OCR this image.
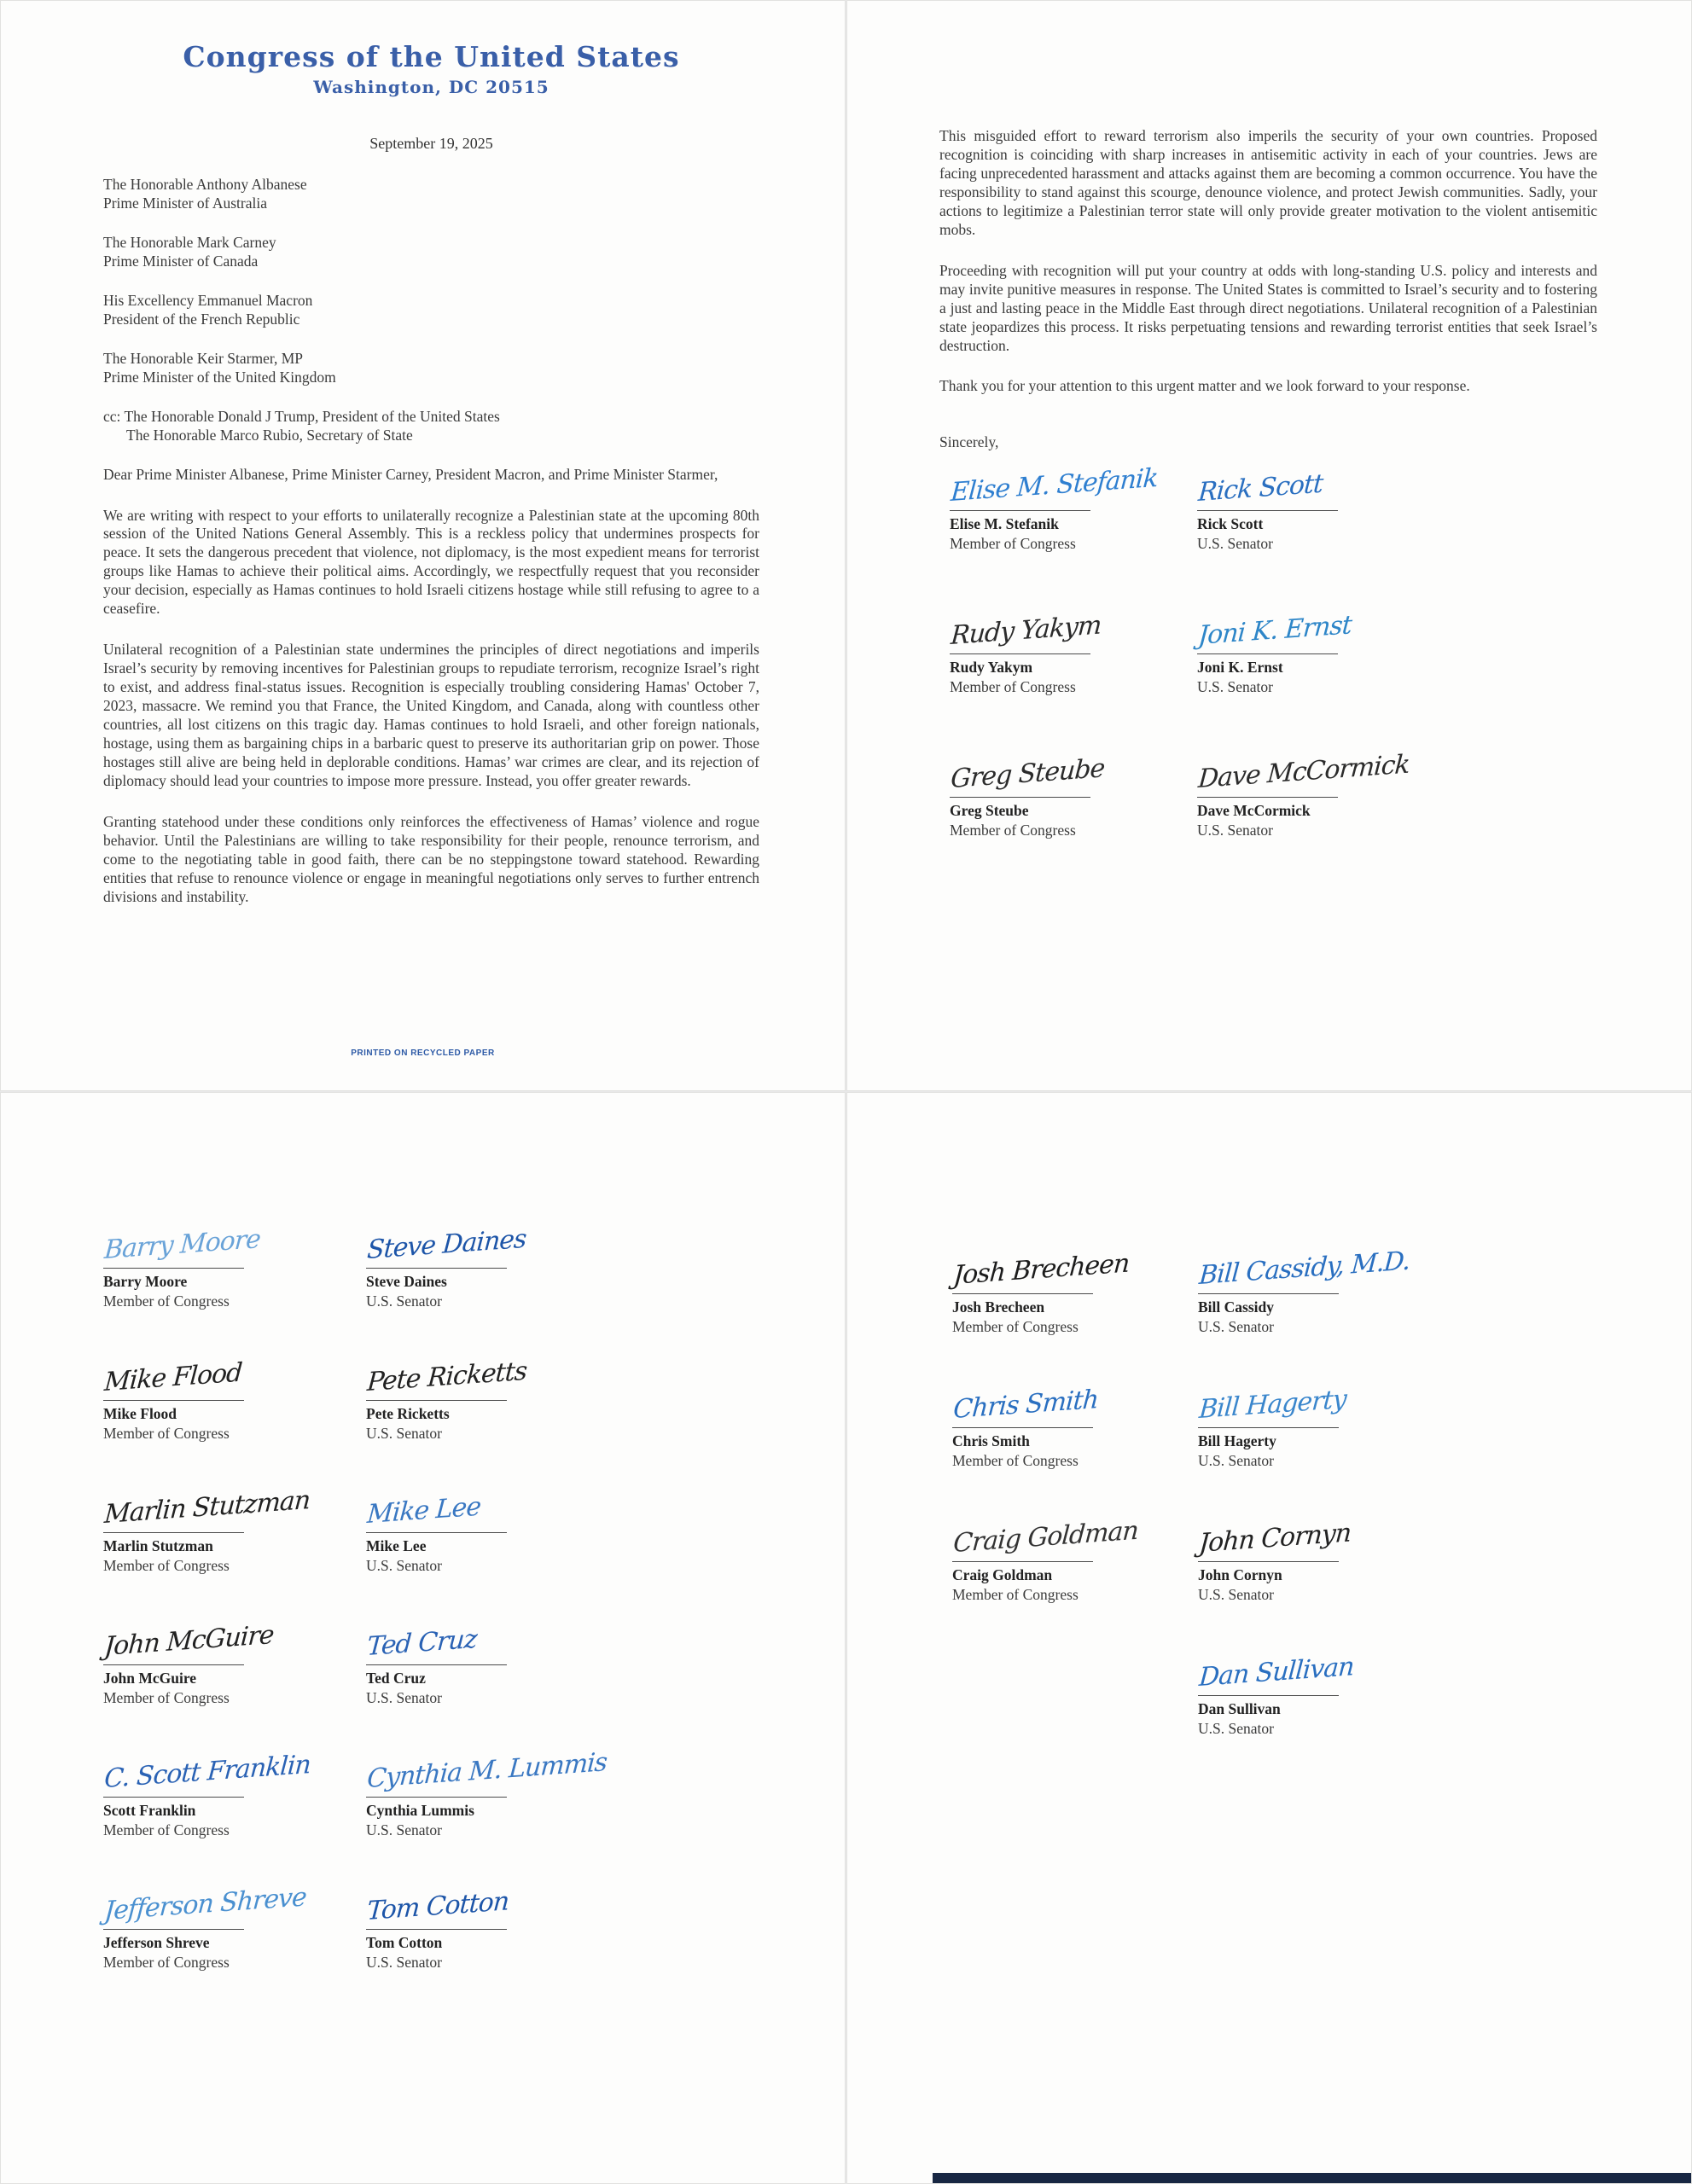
Congress of the United States
Washington, DC 20515
September 19, 2025
The Honorable Anthony Albanese
Prime Minister of Australia
The Honorable Mark Carney
Prime Minister of Canada
His Excellency Emmanuel Macron
President of the French Republic
The Honorable Keir Starmer, MP
Prime Minister of the United Kingdom
cc: The Honorable Donald J Trump, President of the United States
The Honorable Marco Rubio, Secretary of State

Dear Prime Minister Albanese, Prime Minister Carney, President Macron, and Prime Minister Starmer,

We are writing with respect to your efforts to unilaterally recognize a Palestinian state at the upcoming 80th session of the United Nations General Assembly. This is a reckless policy that undermines prospects for peace. It sets the dangerous precedent that violence, not diplomacy, is the most expedient means for terrorist groups like Hamas to achieve their political aims. Accordingly, we respectfully request that you reconsider your decision, especially as Hamas continues to hold Israeli citizens hostage while still refusing to agree to a ceasefire.

Unilateral recognition of a Palestinian state undermines the principles of direct negotiations and imperils Israel’s security by removing incentives for Palestinian groups to repudiate terrorism, recognize Israel’s right to exist, and address final-status issues. Recognition is especially troubling considering Hamas' October 7, 2023, massacre. We remind you that France, the United Kingdom, and Canada, along with countless other countries, all lost citizens on this tragic day. Hamas continues to hold Israeli, and other foreign nationals, hostage, using them as bargaining chips in a barbaric quest to preserve its authoritarian grip on power. Those hostages still alive are being held in deplorable conditions. Hamas’ war crimes are clear, and its rejection of diplomacy should lead your countries to impose more pressure. Instead, you offer greater rewards.

Granting statehood under these conditions only reinforces the effectiveness of Hamas’ violence and rogue behavior. Until the Palestinians are willing to take responsibility for their people, renounce terrorism, and come to the negotiating table in good faith, there can be no steppingstone toward statehood. Rewarding entities that refuse to renounce violence or engage in meaningful negotiations only serves to further entrench divisions and instability.

PRINTED ON RECYCLED PAPER

This misguided effort to reward terrorism also imperils the security of your own countries. Proposed recognition is coinciding with sharp increases in antisemitic activity in each of your countries. Jews are facing unprecedented harassment and attacks against them are becoming a common occurrence. You have the responsibility to stand against this scourge, denounce violence, and protect Jewish communities. Sadly, your actions to legitimize a Palestinian terror state will only provide greater motivation to the violent antisemitic mobs.

Proceeding with recognition will put your country at odds with long-standing U.S. policy and interests and may invite punitive measures in response. The United States is committed to Israel’s security and to fostering a just and lasting peace in the Middle East through direct negotiations. Unilateral recognition of a Palestinian state jeopardizes this process. It risks perpetuating tensions and rewarding terrorist entities that seek Israel’s destruction.

Thank you for your attention to this urgent matter and we look forward to your response.

Sincerely,

Elise M. Stefanik
Elise M. Stefanik
Member of Congress
Rudy Yakym
Rudy Yakym
Member of Congress
Greg Steube
Greg Steube
Member of Congress
Rick Scott
Rick Scott
U.S. Senator
Joni K. Ernst
Joni K. Ernst
U.S. Senator
Dave McCormick
Dave McCormick
U.S. Senator
Barry Moore
Barry Moore
Member of Congress
Mike Flood
Mike Flood
Member of Congress
Marlin Stutzman
Marlin Stutzman
Member of Congress
John McGuire
John McGuire
Member of Congress
C. Scott Franklin
Scott Franklin
Member of Congress
Jefferson Shreve
Jefferson Shreve
Member of Congress
Steve Daines
Steve Daines
U.S. Senator
Pete Ricketts
Pete Ricketts
U.S. Senator
Mike Lee
Mike Lee
U.S. Senator
Ted Cruz
Ted Cruz
U.S. Senator
Cynthia M. Lummis
Cynthia Lummis
U.S. Senator
Tom Cotton
Tom Cotton
U.S. Senator
Josh Brecheen
Josh Brecheen
Member of Congress
Chris Smith
Chris Smith
Member of Congress
Craig Goldman
Craig Goldman
Member of Congress
Bill Cassidy, M.D.
Bill Cassidy
U.S. Senator
Bill Hagerty
Bill Hagerty
U.S. Senator
John Cornyn
John Cornyn
U.S. Senator
Dan Sullivan
Dan Sullivan
U.S. Senator
